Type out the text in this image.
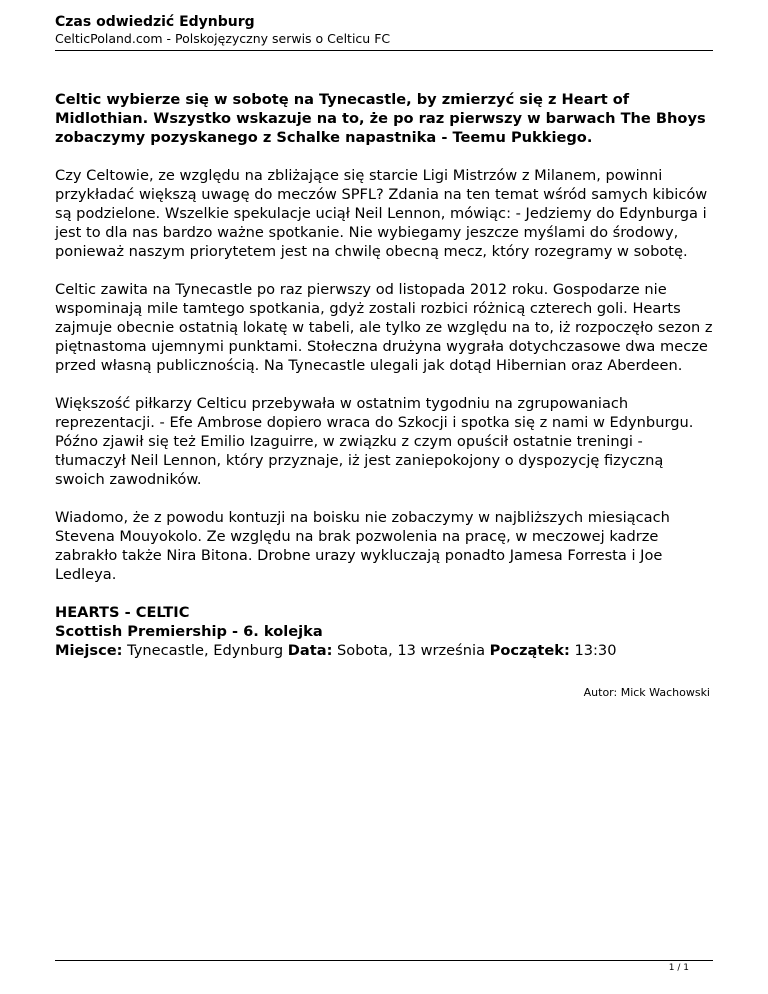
Czas odwiedzić Edynburg
CelticPoland.com - Polskojęzyczny serwis o Celticu FC

Celtic wybierze się w sobotę na Tynecastle, by zmierzyć się z Heart of Midlothian. Wszystko wskazuje na to, że po raz pierwszy w barwach The Bhoys zobaczymy pozyskanego z Schalke napastnika - Teemu Pukkiego.

Czy Celtowie, ze względu na zbliżające się starcie Ligi Mistrzów z Milanem, powinni przykładać większą uwagę do meczów SPFL? Zdania na ten temat wśród samych kibiców są podzielone. Wszelkie spekulacje uciął Neil Lennon, mówiąc: - Jedziemy do Edynburga i jest to dla nas bardzo ważne spotkanie. Nie wybiegamy jeszcze myślami do środowy, ponieważ naszym priorytetem jest na chwilę obecną mecz, który rozegramy w sobotę.

Celtic zawita na Tynecastle po raz pierwszy od listopada 2012 roku. Gospodarze nie wspominają mile tamtego spotkania, gdyż zostali rozbici różnicą czterech goli. Hearts zajmuje obecnie ostatnią lokatę w tabeli, ale tylko ze względu na to, iż rozpoczęło sezon z piętnastoma ujemnymi punktami. Stołeczna drużyna wygrała dotychczasowe dwa mecze przed własną publicznością. Na Tynecastle ulegali jak dotąd Hibernian oraz Aberdeen.

Większość piłkarzy Celticu przebywała w ostatnim tygodniu na zgrupowaniach reprezentacji. - Efe Ambrose dopiero wraca do Szkocji i spotka się z nami w Edynburgu. Późno zjawił się też Emilio Izaguirre, w związku z czym opuścił ostatnie treningi - tłumaczył Neil Lennon, który przyznaje, iż jest zaniepokojony o dyspozycję fizyczną swoich zawodników.

Wiadomo, że z powodu kontuzji na boisku nie zobaczymy w najbliższych miesiącach Stevena Mouyokolo. Ze względu na brak pozwolenia na pracę, w meczowej kadrze zabrakło także Nira Bitona. Drobne urazy wykluczają ponadto Jamesa Forresta i Joe Ledleya.

HEARTS - CELTIC
Scottish Premiership - 6. kolejka
Miejsce: Tynecastle, Edynburg Data: Sobota, 13 września Początek: 13:30
Autor: Mick Wachowski
1 / 1
